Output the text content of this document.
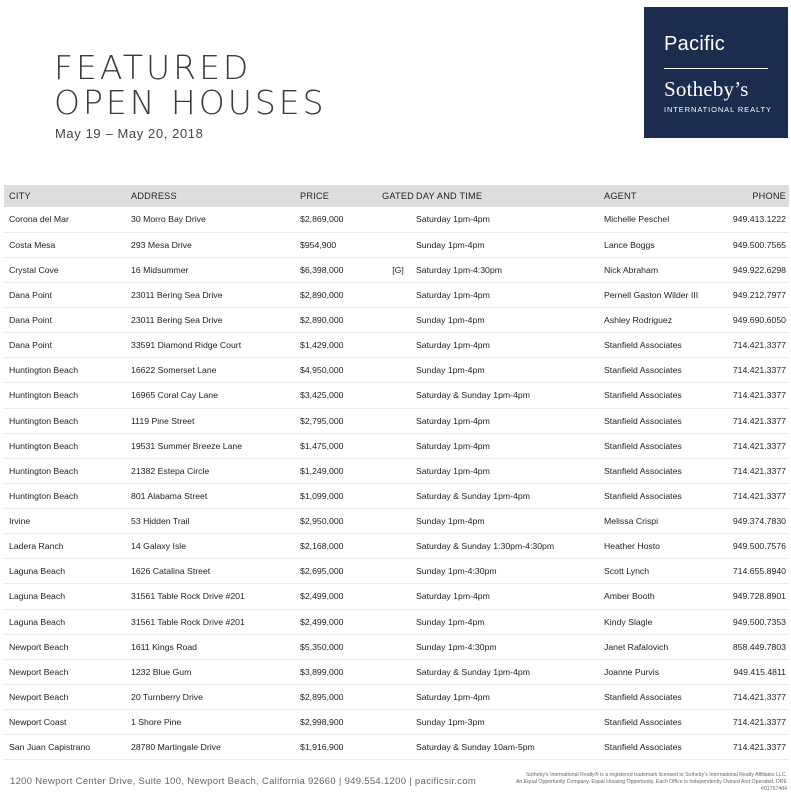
FEATURED
OPEN HOUSES
May 19 – May 20, 2018
Pacific
Sotheby’s
INTERNATIONAL REALTY
CITY	ADDRESS	PRICE	GATED	DAY AND TIME	AGENT	PHONE
Corona del Mar	30 Morro Bay Drive	$2,869,000		Saturday 1pm-4pm	Michelle Peschel	949.413.1222
Costa Mesa	293 Mesa Drive	$954,900		Sunday 1pm-4pm	Lance Boggs	949.500.7565
Crystal Cove	16 Midsummer	$6,398,000	[G]	Saturday 1pm-4:30pm	Nick Abraham	949.922.6298
Dana Point	23011 Bering Sea Drive	$2,890,000		Saturday 1pm-4pm	Pernell Gaston Wilder III	949.212.7977
Dana Point	23011 Bering Sea Drive	$2,890,000		Sunday 1pm-4pm	Ashley Rodriguez	949.690.6050
Dana Point	33591 Diamond Ridge Court	$1,429,000		Saturday 1pm-4pm	Stanfield Associates	714.421.3377
Huntington Beach	16622 Somerset Lane	$4,950,000		Sunday 1pm-4pm	Stanfield Associates	714.421.3377
Huntington Beach	16965 Coral Cay Lane	$3,425,000		Saturday & Sunday 1pm-4pm	Stanfield Associates	714.421.3377
Huntington Beach	1119 Pine Street	$2,795,000		Saturday 1pm-4pm	Stanfield Associates	714.421.3377
Huntington Beach	19531 Summer Breeze Lane	$1,475,000		Saturday 1pm-4pm	Stanfield Associates	714.421.3377
Huntington Beach	21382 Estepa Circle	$1,249,000		Saturday 1pm-4pm	Stanfield Associates	714.421.3377
Huntington Beach	801 Alabama Street	$1,099,000		Saturday & Sunday 1pm-4pm	Stanfield Associates	714.421.3377
Irvine	53 Hidden Trail	$2,950,000		Sunday 1pm-4pm	Melissa Crispi	949.374.7830
Ladera Ranch	14 Galaxy Isle	$2,168,000		Saturday & Sunday 1:30pm-4:30pm	Heather Hosto	949.500.7576
Laguna Beach	1626 Catalina Street	$2,695,000		Sunday 1pm-4:30pm	Scott Lynch	714.655.8940
Laguna Beach	31561 Table Rock Drive #201	$2,499,000		Saturday 1pm-4pm	Amber Booth	949.728.8901
Laguna Beach	31561 Table Rock Drive #201	$2,499,000		Sunday 1pm-4pm	Kindy Slagle	949.500.7353
Newport Beach	1611 Kings Road	$5,350,000		Sunday 1pm-4:30pm	Janet Rafalovich	858.449.7803
Newport Beach	1232 Blue Gum	$3,899,000		Saturday & Sunday 1pm-4pm	Joanne Purvis	949.415.4811
Newport Beach	20 Turnberry Drive	$2,895,000		Saturday 1pm-4pm	Stanfield Associates	714.421.3377
Newport Coast	1 Shore Pine	$2,998,900		Sunday 1pm-3pm	Stanfield Associates	714.421.3377
San Juan Capistrano	28780 Martingale Drive	$1,916,900		Saturday & Sunday 10am-5pm	Stanfield Associates	714.421.3377
1200 Newport Center Drive, Suite 100, Newport Beach, California 92660 | 949.554.1200 | pacificsir.com
Sotheby’s International Realty® is a registered trademark licensed to Sotheby’s International Realty Affiliates LLC.
An Equal Opportunity Company. Equal Housing Opportunity. Each Office is Independently Owned And Operated. DRE #01767484
